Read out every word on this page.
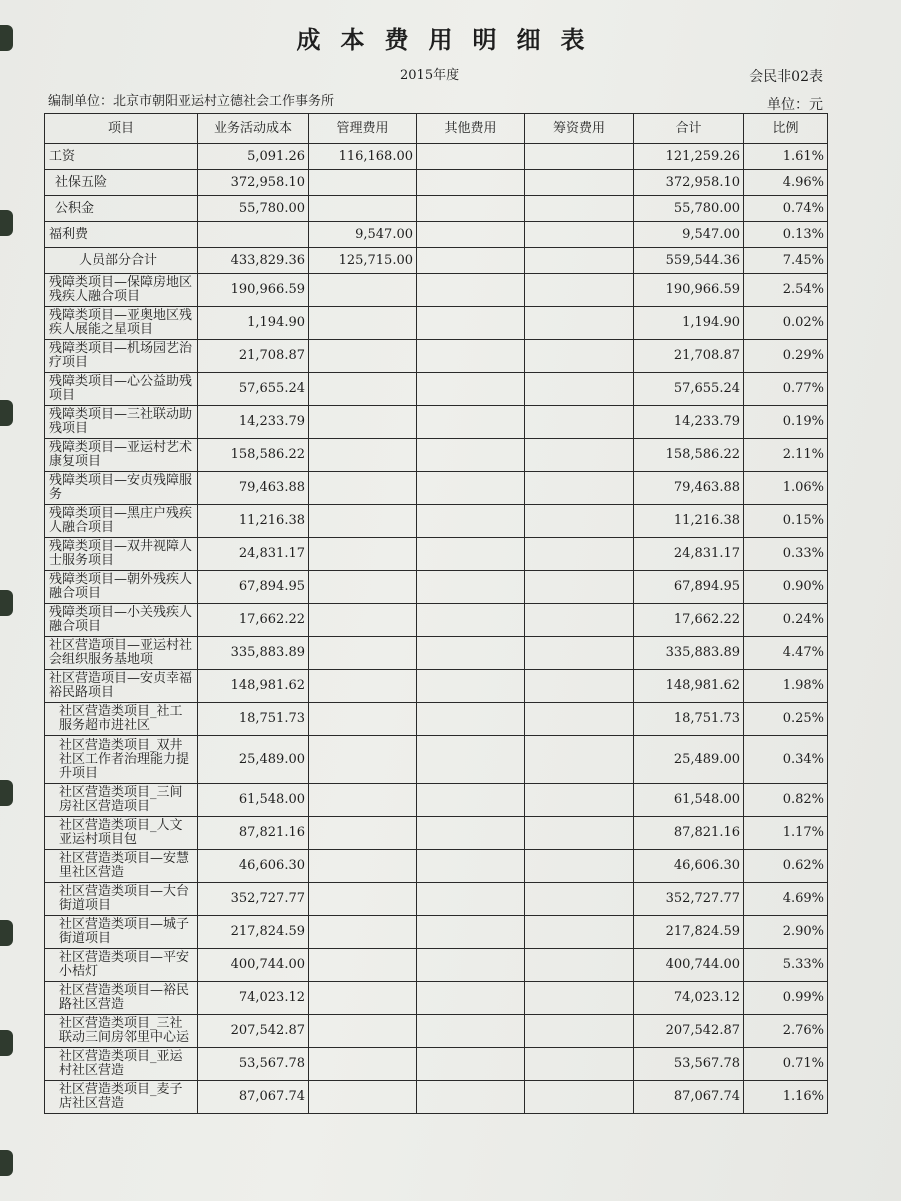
成本费用明细表
2015年度	会民非02表
编制单位：北京市朝阳亚运村立德社会工作事务所	单位：元
项目	业务活动成本	管理费用	其他费用	筹资费用	合计	比例
工资	5,091.26	116,168.00			121,259.26	1.61%
社保五险	372,958.10				372,958.10	4.96%
公积金	55,780.00				55,780.00	0.74%
福利费		9,547.00			9,547.00	0.13%
人员部分合计	433,829.36	125,715.00			559,544.36	7.45%
残障类项目—保障房地区残疾人融合项目	190,966.59				190,966.59	2.54%
残障类项目—亚奥地区残疾人展能之星项目	1,194.90				1,194.90	0.02%
残障类项目—机场园艺治疗项目	21,708.87				21,708.87	0.29%
残障类项目—心公益助残项目	57,655.24				57,655.24	0.77%
残障类项目—三社联动助残项目	14,233.79				14,233.79	0.19%
残障类项目—亚运村艺术康复项目	158,586.22				158,586.22	2.11%
残障类项目—安贞残障服务	79,463.88				79,463.88	1.06%
残障类项目—黑庄户残疾人融合项目	11,216.38				11,216.38	0.15%
残障类项目—双井视障人士服务项目	24,831.17				24,831.17	0.33%
残障类项目—朝外残疾人融合项目	67,894.95				67,894.95	0.90%
残障类项目—小关残疾人融合项目	17,662.22				17,662.22	0.24%
社区营造项目—亚运村社会组织服务基地项	335,883.89				335,883.89	4.47%
社区营造项目—安贞幸福裕民路项目	148,981.62				148,981.62	1.98%
社区营造类项目_社工服务超市进社区	18,751.73				18,751.73	0.25%
社区营造类项目_双井社区工作者治理能力提升项目	25,489.00				25,489.00	0.34%
社区营造类项目_三间房社区营造项目	61,548.00				61,548.00	0.82%
社区营造类项目_人文亚运村项目包	87,821.16				87,821.16	1.17%
社区营造类项目—安慧里社区营造	46,606.30				46,606.30	0.62%
社区营造类项目—大台街道项目	352,727.77				352,727.77	4.69%
社区营造类项目—城子街道项目	217,824.59				217,824.59	2.90%
社区营造类项目—平安小桔灯	400,744.00				400,744.00	5.33%
社区营造类项目—裕民路社区营造	74,023.12				74,023.12	0.99%
社区营造类项目_三社联动三间房邻里中心运	207,542.87				207,542.87	2.76%
社区营造类项目_亚运村社区营造	53,567.78				53,567.78	0.71%
社区营造类项目_麦子店社区营造	87,067.74				87,067.74	1.16%
